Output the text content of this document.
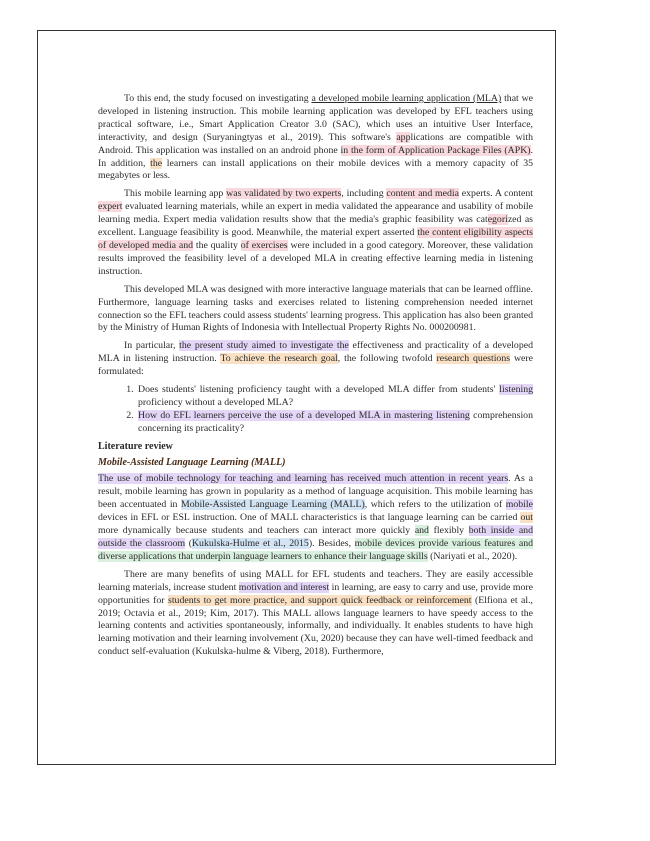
To this end, the study focused on investigating a developed mobile learning application (MLA) that we developed in listening instruction. This mobile learning application was developed by EFL teachers using practical software, i.e., Smart Application Creator 3.0 (SAC), which uses an intuitive User Interface, interactivity, and design (Suryaningtyas et al., 2019). This software's applications are compatible with Android. This application was installed on an android phone in the form of Application Package Files (APK). In addition, the learners can install applications on their mobile devices with a memory capacity of 35 megabytes or less.

This mobile learning app was validated by two experts, including content and media experts. A content expert evaluated learning materials, while an expert in media validated the appearance and usability of mobile learning media. Expert media validation results show that the media's graphic feasibility was categorized as excellent. Language feasibility is good. Meanwhile, the material expert asserted the content eligibility aspects of developed media and the quality of exercises were included in a good category. Moreover, these validation results improved the feasibility level of a developed MLA in creating effective learning media in listening instruction.

This developed MLA was designed with more interactive language materials that can be learned offline. Furthermore, language learning tasks and exercises related to listening comprehension needed internet connection so the EFL teachers could assess students' learning progress. This application has also been granted by the Ministry of Human Rights of Indonesia with Intellectual Property Rights No. 000200981.

In particular, the present study aimed to investigate the effectiveness and practicality of a developed MLA in listening instruction. To achieve the research goal, the following twofold research questions were formulated:

1. Does students' listening proficiency taught with a developed MLA differ from students' listening proficiency without a developed MLA?
2. How do EFL learners perceive the use of a developed MLA in mastering listening comprehension concerning its practicality?
Literature review
Mobile-Assisted Language Learning (MALL)

The use of mobile technology for teaching and learning has received much attention in recent years. As a result, mobile learning has grown in popularity as a method of language acquisition. This mobile learning has been accentuated in Mobile-Assisted Language Learning (MALL), which refers to the utilization of mobile devices in EFL or ESL instruction. One of MALL characteristics is that language learning can be carried out more dynamically because students and teachers can interact more quickly and flexibly both inside and outside the classroom (Kukulska-Hulme et al., 2015). Besides, mobile devices provide various features and diverse applications that underpin language learners to enhance their language skills (Nariyati et al., 2020).

There are many benefits of using MALL for EFL students and teachers. They are easily accessible learning materials, increase student motivation and interest in learning, are easy to carry and use, provide more opportunities for students to get more practice, and support quick feedback or reinforcement (Elfiona et al., 2019; Octavia et al., 2019; Kim, 2017). This MALL allows language learners to have speedy access to the learning contents and activities spontaneously, informally, and individually. It enables students to have high learning motivation and their learning involvement (Xu, 2020) because they can have well-timed feedback and conduct self-evaluation (Kukulska-hulme & Viberg, 2018). Furthermore,
